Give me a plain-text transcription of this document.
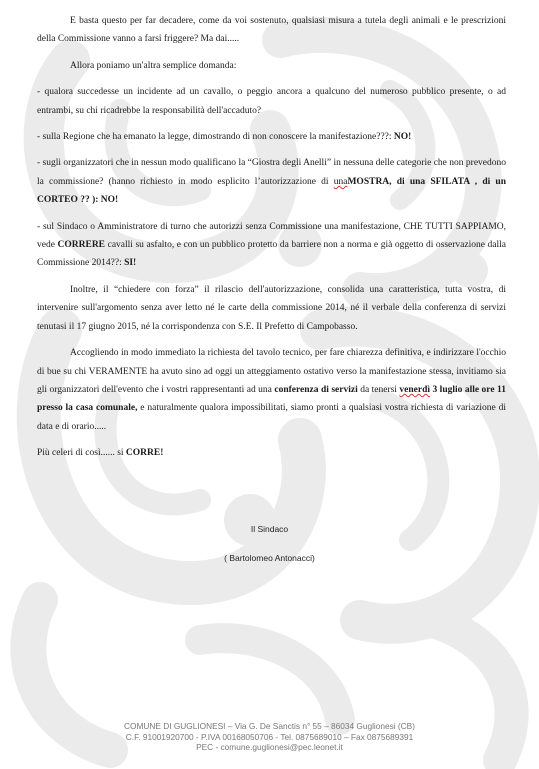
E basta questo per far decadere, come da voi sostenuto, qualsiasi misura a tutela degli animali e le prescrizioni della Commissione vanno a farsi friggere? Ma dai.....

Allora poniamo un'altra semplice domanda:

- qualora succedesse un incidente ad un cavallo, o peggio ancora a qualcuno del numeroso pubblico presente, o ad entrambi, su chi ricadrebbe la responsabilità dell'accaduto?

- sulla Regione che ha emanato la legge, dimostrando di non conoscere la manifestazione???: NO!

- sugli organizzatori che in nessun modo qualificano la “Giostra degli Anelli” in nessuna delle categorie che non prevedono la commissione? (hanno richiesto in modo esplicito l’autorizzazione di unaMOSTRA, di una SFILATA , di un CORTEO ?? ): NO!

- sul Sindaco o Amministratore di turno che autorizzi senza Commissione una manifestazione, CHE TUTTI SAPPIAMO, vede CORRERE cavalli su asfalto, e con un pubblico protetto da barriere non a norma e già oggetto di osservazione dalla Commissione 2014??: SI!

Inoltre, il “chiedere con forza” il rilascio dell'autorizzazione, consolida una caratteristica, tutta vostra, di intervenire sull'argomento senza aver letto né le carte della commissione 2014, né il verbale della conferenza di servizi tenutasi il 17 giugno 2015, né la corrispondenza con S.E. Il Prefetto di Campobasso.

Accogliendo in modo immediato la richiesta del tavolo tecnico, per fare chiarezza definitiva, e indirizzare l'occhio di bue su chi VERAMENTE ha avuto sino ad oggi un atteggiamento ostativo verso la manifestazione stessa, invitiamo sia gli organizzatori dell'evento che i vostri rappresentanti ad una conferenza di servizi da tenersi venerdì 3 luglio alle ore 11 presso la casa comunale, e naturalmente qualora impossibilitati, siamo pronti a qualsiasi vostra richiesta di variazione di data e di orario.....

Più celeri di così...... si CORRE!

Il Sindaco
( Bartolomeo Antonacci)
COMUNE DI GUGLIONESI – Via G. De Sanctis n° 55 – 86034 Guglionesi (CB)
C.F. 91001920700 - P.IVA 00168050706 - Tel. 0875689010 – Fax 0875689391
PEC - comune.guglionesi@pec.leonet.it
